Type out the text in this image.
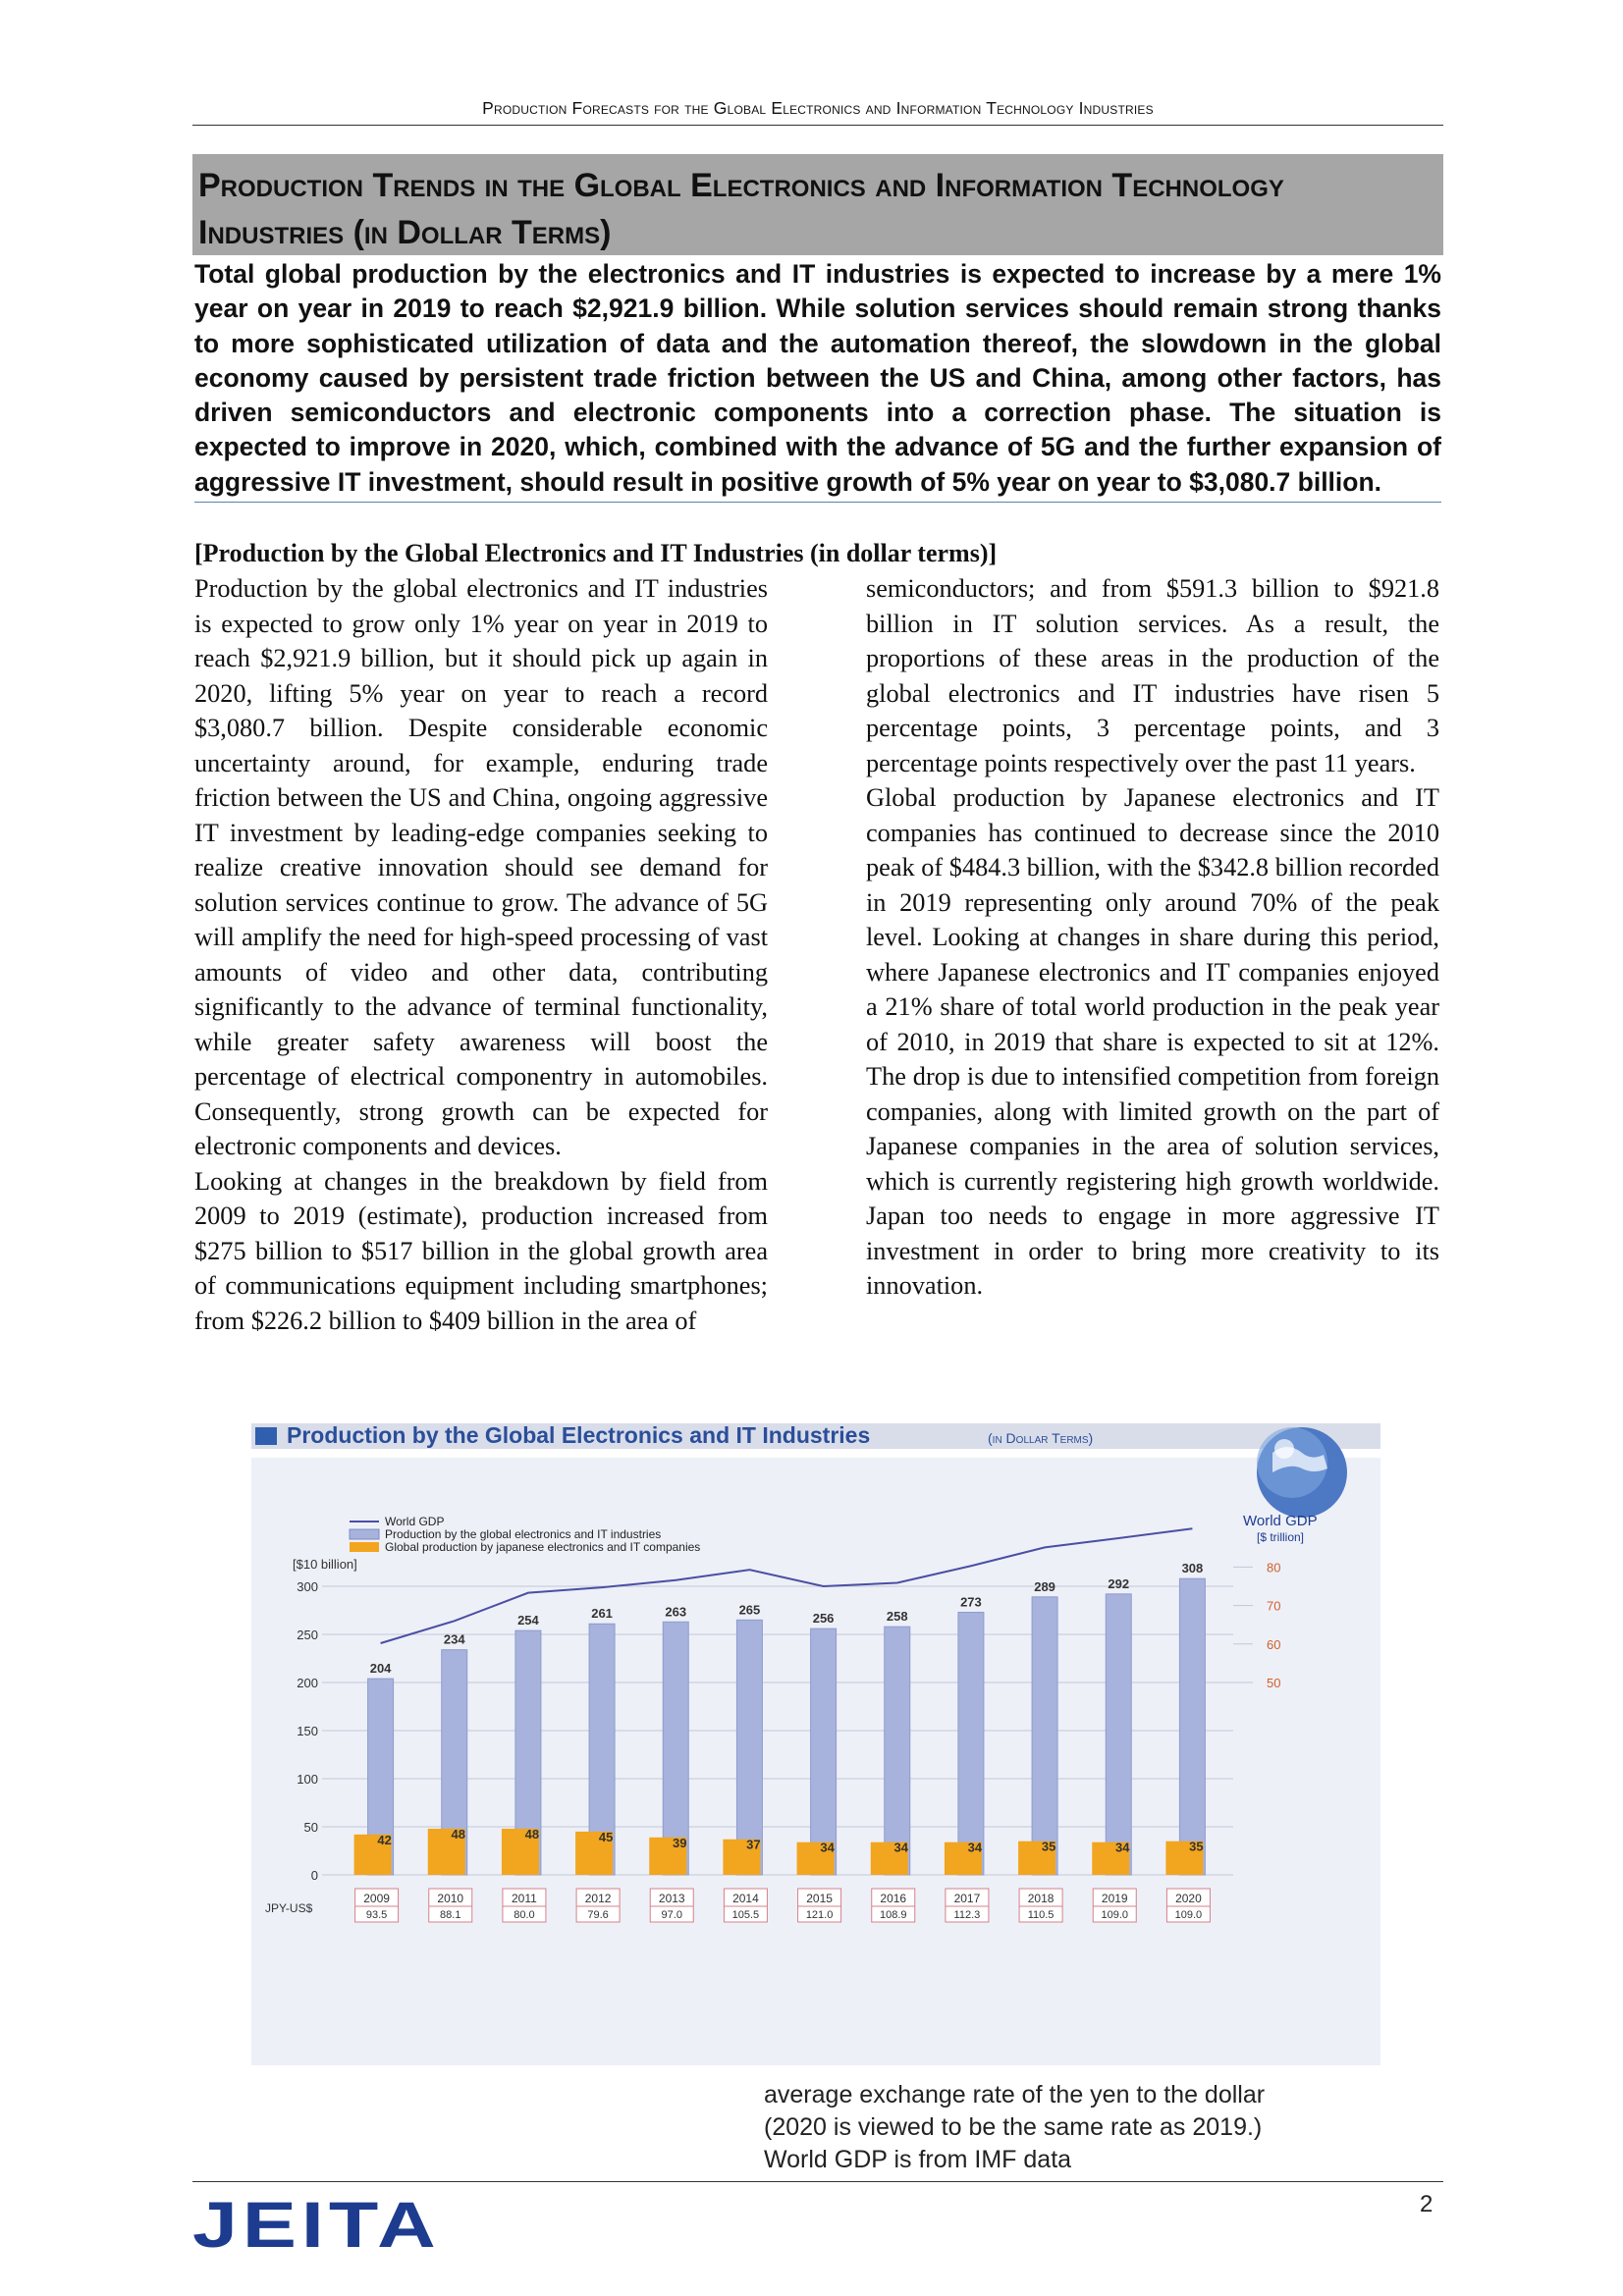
Production Forecasts for the Global Electronics and Information Technology Industries
Production Trends in the Global Electronics and Information Technology Industries (in Dollar Terms)
Total global production by the electronics and IT industries is expected to increase by a mere 1% year on year in 2019 to reach $2,921.9 billion. While solution services should remain strong thanks to more sophisticated utilization of data and the automation thereof, the slowdown in the global economy caused by persistent trade friction between the US and China, among other factors, has driven semiconductors and electronic components into a correction phase. The situation is expected to improve in 2020, which, combined with the advance of 5G and the further expansion of aggressive IT investment, should result in positive growth of 5% year on year to $3,080.7 billion.
[Production by the Global Electronics and IT Industries (in dollar terms)]

Production by the global electronics and IT industries is expected to grow only 1% year on year in 2019 to reach $2,921.9 billion, but it should pick up again in 2020, lifting 5% year on year to reach a record $3,080.7 billion. Despite considerable economic uncertainty around, for example, enduring trade friction between the US and China, ongoing aggressive IT investment by leading-edge companies seeking to realize creative innovation should see demand for solution services continue to grow. The advance of 5G will amplify the need for high-speed processing of vast amounts of video and other data, contributing significantly to the advance of terminal functionality, while greater safety awareness will boost the percentage of electrical componentry in automobiles. Consequently, strong growth can be expected for electronic components and devices.

Looking at changes in the breakdown by field from 2009 to 2019 (estimate), production increased from $275 billion to $517 billion in the global growth area of communications equipment including smartphones; from $226.2 billion to $409 billion in the area of

semiconductors; and from $591.3 billion to $921.8 billion in IT solution services. As a result, the proportions of these areas in the production of the global electronics and IT industries have risen 5 percentage points, 3 percentage points, and 3 percentage points respectively over the past 11 years.

Global production by Japanese electronics and IT companies has continued to decrease since the 2010 peak of $484.3 billion, with the $342.8 billion recorded in 2019 representing only around 70% of the peak level. Looking at changes in share during this period, where Japanese electronics and IT companies enjoyed a 21% share of total world production in the peak year of 2010, in 2019 that share is expected to sit at 12%. The drop is due to intensified competition from foreign companies, along with limited growth on the part of Japanese companies in the area of solution services, which is currently registering high growth worldwide. Japan too needs to engage in more aggressive IT investment in order to bring more creativity to its innovation.

Production by the Global Electronics and IT Industries	(in Dollar Terms)
0
50
100
150
200
250
300
[$10 billion]
50
60
70
80
World GDP
[$ trillion]
World GDP
Production by the global electronics and IT industries
Global production by japanese electronics and IT companies
204
42
2009
93.5
234
48
2010
88.1
254
48
2011
80.0
261
45
2012
79.6
263
39
2013
97.0
265
37
2014
105.5
256
34
2015
121.0
258
34
2016
108.9
273
34
2017
112.3
289
35
2018
110.5
292
34
2019
109.0
308
35
2020
109.0
JPY-US$
average exchange rate of the yen to the dollar
(2020 is viewed to be the same rate as 2019.)
World GDP is from IMF data
JEITA	2
